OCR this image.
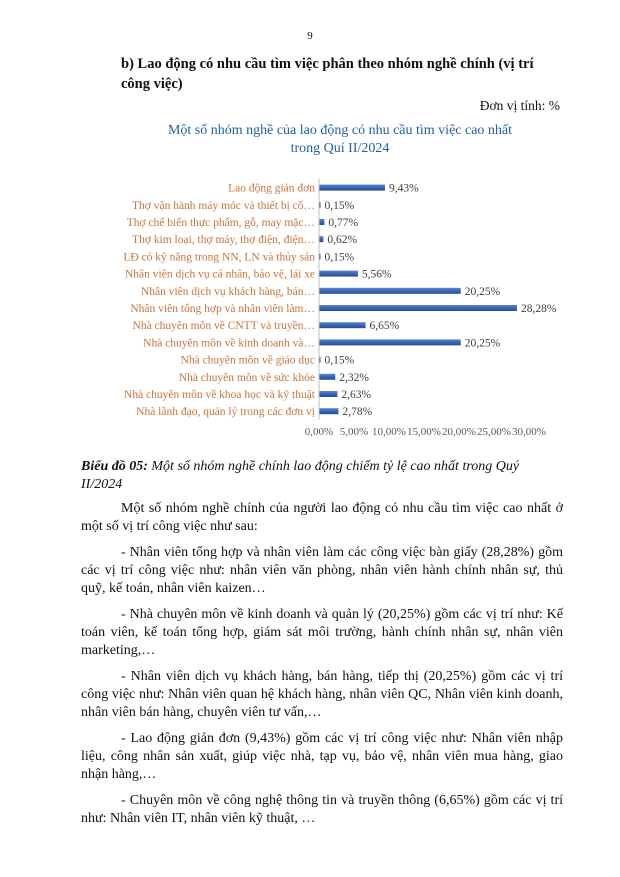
9
b) Lao động có nhu cầu tìm việc phân theo nhóm nghề chính (vị trí công việc)
Đơn vị tính: %
Một số nhóm nghề của lao động có nhu cầu tìm việc cao nhất
trong Quí II/2024
Lao động giản đơn
Thợ vận hành máy móc và thiết bị cố…
Thợ chế biến thực phẩm, gỗ, may mặc…
Thợ kim loại, thợ máy, thợ điện, điện…
LĐ có kỹ năng trong NN, LN và thủy sản
Nhân viên dịch vụ cá nhân, bảo vệ, lái xe
Nhân viên dịch vụ khách hàng, bán…
Nhân viên tổng hợp và nhân viên làm…
Nhà chuyên môn về CNTT và truyền…
Nhà chuyên môn về kinh doanh và…
Nhà chuyên môn về giáo dục
Nhà chuyên môn về sức khỏe
Nhà chuyên môn về khoa học và kỹ thuật
Nhà lãnh đạo, quản lý trong các đơn vị
9,43%
0,15%
0,77%
0,62%
0,15%
5,56%
20,25%
28,28%
6,65%
20,25%
0,15%
2,32%
2,63%
2,78%
0,00% 5,00% 10,00% 15,00% 20,00% 25,00% 30,00%
Biểu đồ 05: Một số nhóm nghề chính lao động chiếm tỷ lệ cao nhất trong Quý II/2024

Một số nhóm nghề chính của người lao động có nhu cầu tìm việc cao nhất ở một số vị trí công việc như sau:

- Nhân viên tổng hợp và nhân viên làm các công việc bàn giấy (28,28%) gồm các vị trí công việc như: nhân viên văn phòng, nhân viên hành chính nhân sự, thủ quỹ, kế toán, nhân viên kaizen…

- Nhà chuyên môn về kinh doanh và quản lý (20,25%) gồm các vị trí như: Kế toán viên, kế toán tổng hợp, giám sát môi trường, hành chính nhân sự, nhân viên marketing,…

- Nhân viên dịch vụ khách hàng, bán hàng, tiếp thị (20,25%) gồm các vị trí công việc như: Nhân viên quan hệ khách hàng, nhân viên QC, Nhân viên kinh doanh, nhân viên bán hàng, chuyên viên tư vấn,…

- Lao động giản đơn (9,43%) gồm các vị trí công việc như: Nhân viên nhập liệu, công nhân sản xuất, giúp việc nhà, tạp vụ, bảo vệ, nhân viên mua hàng, giao nhận hàng,…

- Chuyên môn về công nghệ thông tin và truyền thông (6,65%) gồm các vị trí như: Nhân viên IT, nhân viên kỹ thuật, …
